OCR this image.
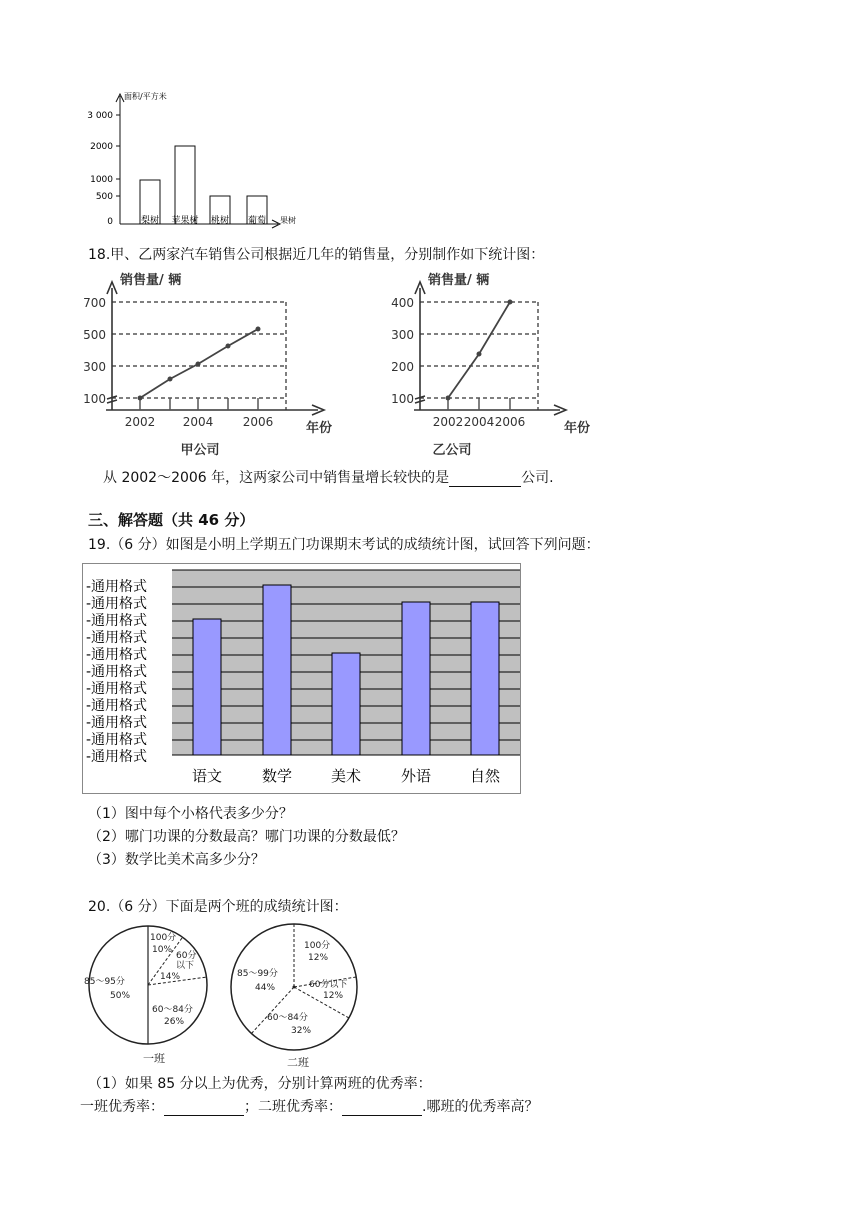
面积/平方米
3 000
2000
1000
500
0	梨树 苹果树 桃树 葡萄 果树
18.甲、乙两家汽车销售公司根据近几年的销售量，分别制作如下统计图：
销售量/ 辆
700
500
300
100
2002 2004 2006	年份
甲公司
销售量/ 辆
400
300
200
100
2002 2004 2006	年份
乙公司
从 2002～2006 年，这两家公司中销售量增长较快的是	公司.
三、解答题（共 46 分）
19.（6 分）如图是小明上学期五门功课期末考试的成绩统计图，试回答下列问题：
-通用格式
-通用格式
-通用格式
-通用格式
-通用格式
-通用格式
-通用格式
-通用格式
-通用格式
-通用格式
-通用格式
语文	数学	美术	外语	自然
（1）图中每个小格代表多少分？
（2）哪门功课的分数最高？哪门功课的分数最低？
（3）数学比美术高多少分？
20.（6 分）下面是两个班的成绩统计图：
100分
10%
60分
以下
14%
85～95分
50%
60～84分
26%
一班
100分
12%
85～99分
44%	60分以下
12%
60～84分
32%
二班
（1）如果 85 分以上为优秀，分别计算两班的优秀率：
一班优秀率：	；二班优秀率：	.哪班的优秀率高？
